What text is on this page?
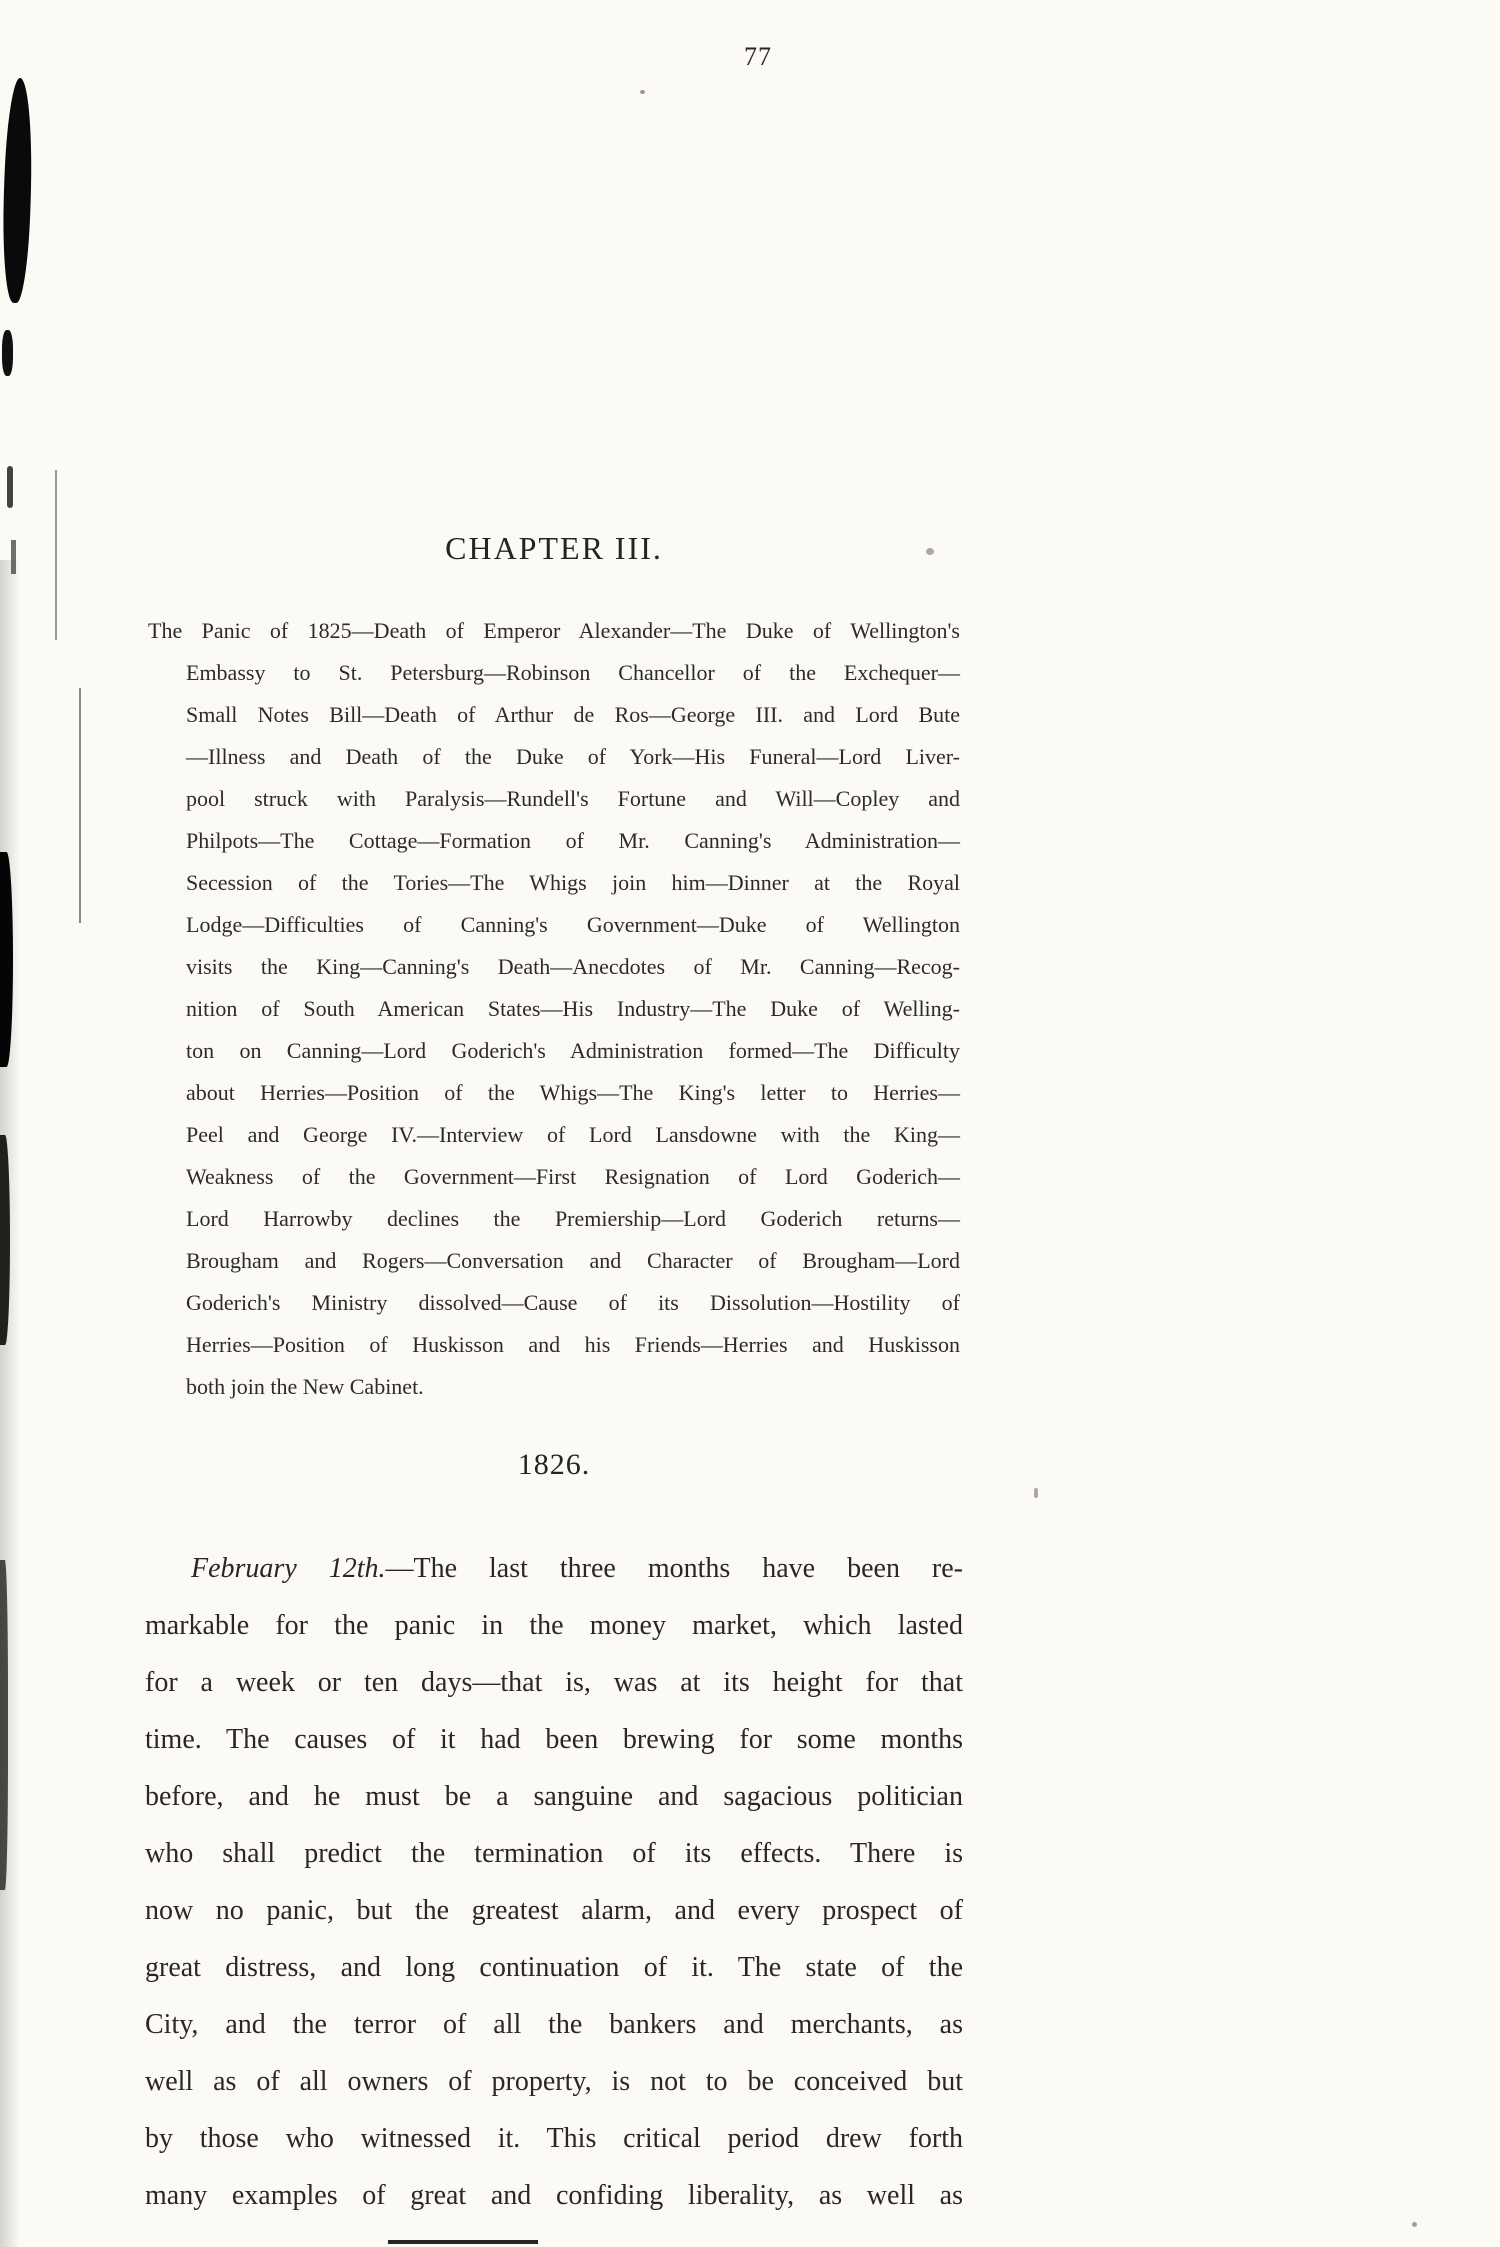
77
CHAPTER III.
The Panic of 1825—Death of Emperor Alexander—The Duke of Wellington's
Embassy to St. Petersburg—Robinson Chancellor of the Exchequer—
Small Notes Bill—Death of Arthur de Ros—George III. and Lord Bute
—Illness and Death of the Duke of York—His Funeral—Lord Liver-
pool struck with Paralysis—Rundell's Fortune and Will—Copley and
Philpots—The Cottage—Formation of Mr. Canning's Administration—
Secession of the Tories—The Whigs join him—Dinner at the Royal
Lodge—Difficulties of Canning's Government—Duke of Wellington
visits the King—Canning's Death—Anecdotes of Mr. Canning—Recog-
nition of South American States—His Industry—The Duke of Welling-
ton on Canning—Lord Goderich's Administration formed—The Difficulty
about Herries—Position of the Whigs—The King's letter to Herries—
Peel and George IV.—Interview of Lord Lansdowne with the King—
Weakness of the Government—First Resignation of Lord Goderich—
Lord Harrowby declines the Premiership—Lord Goderich returns—
Brougham and Rogers—Conversation and Character of Brougham—Lord
Goderich's Ministry dissolved—Cause of its Dissolution—Hostility of
Herries—Position of Huskisson and his Friends—Herries and Huskisson
both join the New Cabinet.
1826.
February 12th.—The last three months have been re-
markable for the panic in the money market, which lasted
for a week or ten days—that is, was at its height for that
time. The causes of it had been brewing for some months
before, and he must be a sanguine and sagacious politician
who shall predict the termination of its effects. There is
now no panic, but the greatest alarm, and every prospect of
great distress, and long continuation of it. The state of the
City, and the terror of all the bankers and merchants, as
well as of all owners of property, is not to be conceived but
by those who witnessed it. This critical period drew forth
many examples of great and confiding liberality, as well as
